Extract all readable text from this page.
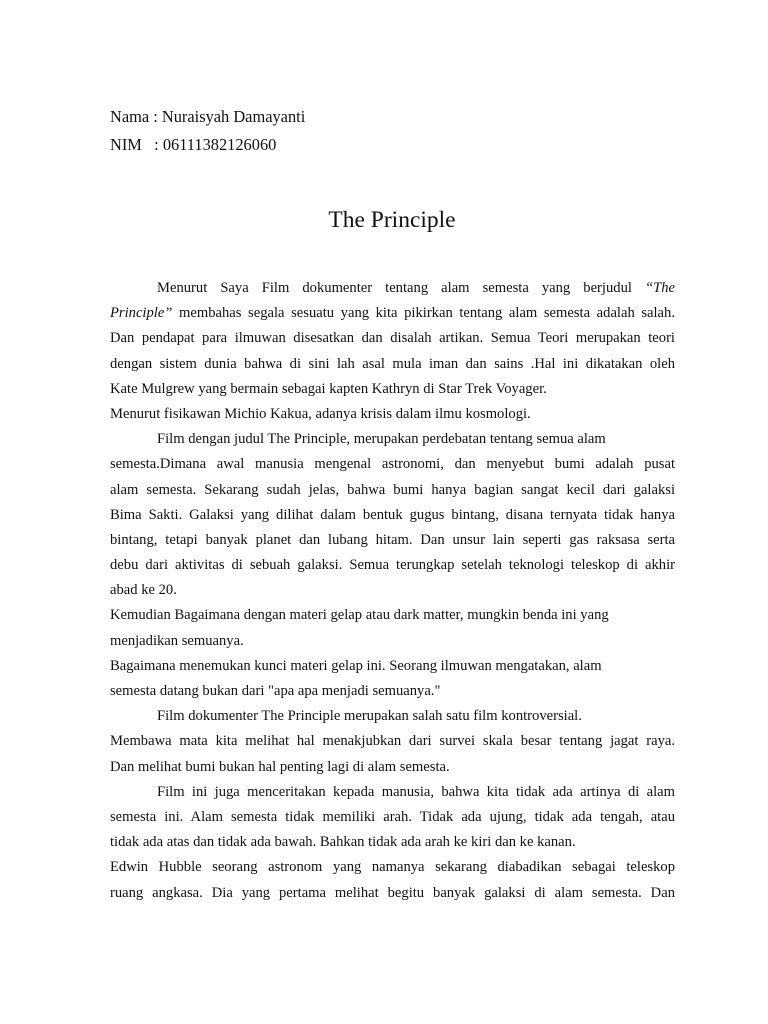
Nama : Nuraisyah Damayanti
NIM   : 06111382126060
The Principle
Menurut Saya Film dokumenter tentang alam semesta yang berjudul “The
Principle” membahas segala sesuatu yang kita pikirkan tentang alam semesta adalah salah.
Dan pendapat para ilmuwan disesatkan dan disalah artikan. Semua Teori merupakan teori
dengan sistem dunia bahwa di sini lah asal mula iman dan sains .Hal ini dikatakan oleh
Kate Mulgrew yang bermain sebagai kapten Kathryn di Star Trek Voyager.
Menurut fisikawan Michio Kakua, adanya krisis dalam ilmu kosmologi.
Film dengan judul The Principle, merupakan perdebatan tentang semua alam
semesta.Dimana awal manusia mengenal astronomi, dan menyebut bumi adalah pusat
alam semesta. Sekarang sudah jelas, bahwa bumi hanya bagian sangat kecil dari galaksi
Bima Sakti. Galaksi yang dilihat dalam bentuk gugus bintang, disana ternyata tidak hanya
bintang, tetapi banyak planet dan lubang hitam. Dan unsur lain seperti gas raksasa serta
debu dari aktivitas di sebuah galaksi. Semua terungkap setelah teknologi teleskop di akhir
abad ke 20.
Kemudian Bagaimana dengan materi gelap atau dark matter, mungkin benda ini yang
menjadikan semuanya.
Bagaimana menemukan kunci materi gelap ini. Seorang ilmuwan mengatakan, alam
semesta datang bukan dari "apa apa menjadi semuanya."
Film dokumenter The Principle merupakan salah satu film kontroversial.
Membawa mata kita melihat hal menakjubkan dari survei skala besar tentang jagat raya.
Dan melihat bumi bukan hal penting lagi di alam semesta.
Film ini juga menceritakan kepada manusia, bahwa kita tidak ada artinya di alam
semesta ini. Alam semesta tidak memiliki arah. Tidak ada ujung, tidak ada tengah, atau
tidak ada atas dan tidak ada bawah. Bahkan tidak ada arah ke kiri dan ke kanan.
Edwin Hubble seorang astronom yang namanya sekarang diabadikan sebagai teleskop
ruang angkasa. Dia yang pertama melihat begitu banyak galaksi di alam semesta. Dan
